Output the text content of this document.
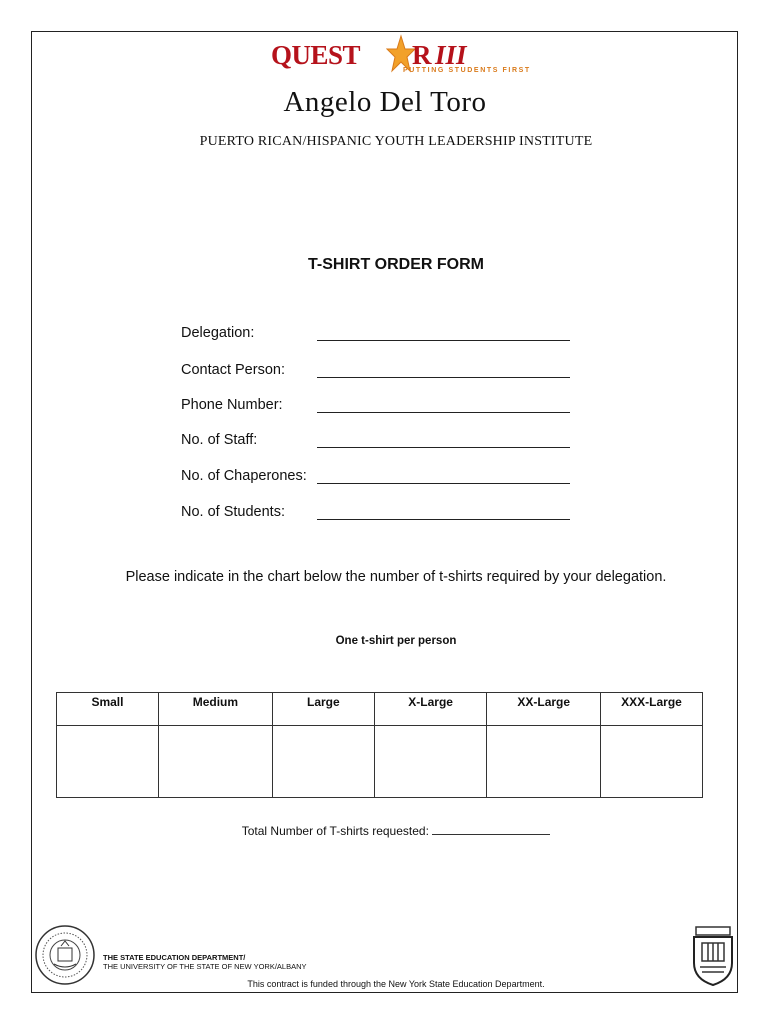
QUEST R III
PUTTING STUDENTS FIRST
Angelo Del Toro
PUERTO RICAN/HISPANIC YOUTH LEADERSHIP INSTITUTE
T-SHIRT ORDER FORM
Delegation:
Contact Person:
Phone Number:
No. of Staff:
No. of Chaperones:
No. of Students:
Please indicate in the chart below the number of t-shirts required by your delegation.
One t-shirt per person
Small	Medium	Large	X-Large	XX-Large	XXX-Large

Total Number of T-shirts requested:
THE STATE EDUCATION DEPARTMENT/
THE UNIVERSITY OF THE STATE OF NEW YORK/ALBANY
This contract is funded through the New York State Education Department.
